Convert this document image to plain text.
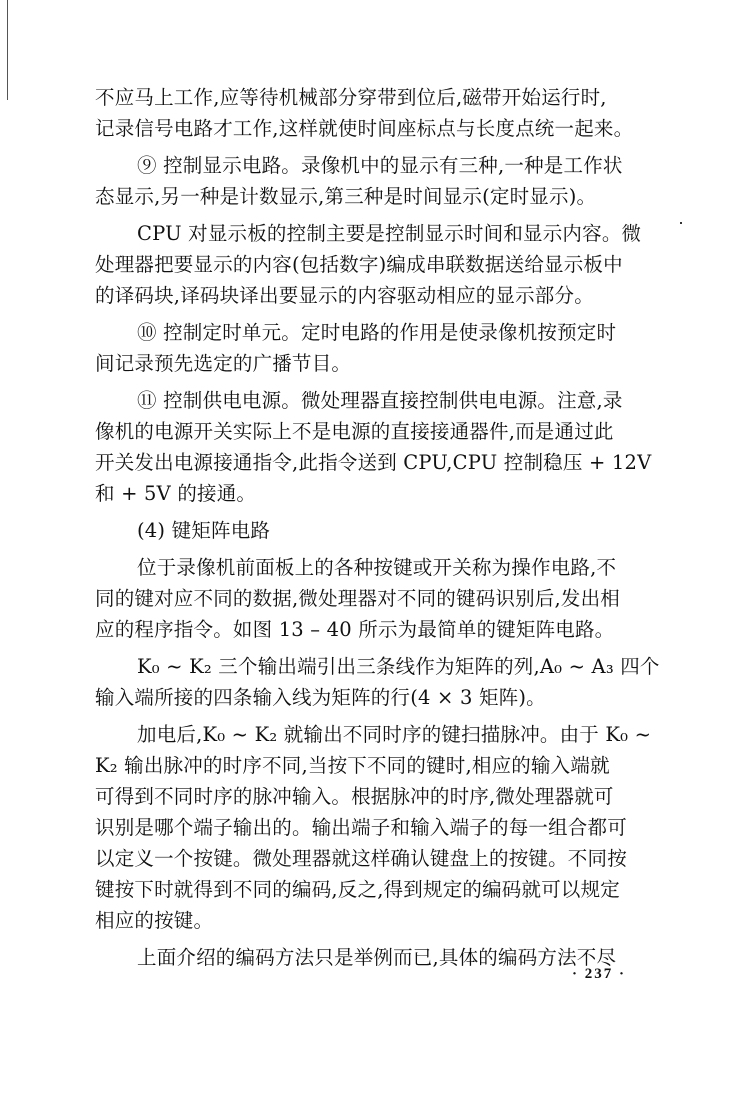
不应马上工作,应等待机械部分穿带到位后,磁带开始运行时,
记录信号电路才工作,这样就使时间座标点与长度点统一起来。
⑨ 控制显示电路。录像机中的显示有三种,一种是工作状
态显示,另一种是计数显示,第三种是时间显示(定时显示)。
CPU 对显示板的控制主要是控制显示时间和显示内容。微
处理器把要显示的内容(包括数字)编成串联数据送给显示板中
的译码块,译码块译出要显示的内容驱动相应的显示部分。
⑩ 控制定时单元。定时电路的作用是使录像机按预定时
间记录预先选定的广播节目。
⑪ 控制供电电源。微处理器直接控制供电电源。注意,录
像机的电源开关实际上不是电源的直接接通器件,而是通过此
开关发出电源接通指令,此指令送到 CPU,CPU 控制稳压 + 12V
和 + 5V 的接通。
(4) 键矩阵电路
位于录像机前面板上的各种按键或开关称为操作电路,不
同的键对应不同的数据,微处理器对不同的键码识别后,发出相
应的程序指令。如图 13 – 40 所示为最简单的键矩阵电路。
K₀ ~ K₂ 三个输出端引出三条线作为矩阵的列,A₀ ~ A₃ 四个
输入端所接的四条输入线为矩阵的行(4 × 3 矩阵)。
加电后,K₀ ~ K₂ 就输出不同时序的键扫描脉冲。由于 K₀ ~
K₂ 输出脉冲的时序不同,当按下不同的键时,相应的输入端就
可得到不同时序的脉冲输入。根据脉冲的时序,微处理器就可
识别是哪个端子输出的。输出端子和输入端子的每一组合都可
以定义一个按键。微处理器就这样确认键盘上的按键。不同按
键按下时就得到不同的编码,反之,得到规定的编码就可以规定
相应的按键。
上面介绍的编码方法只是举例而已,具体的编码方法不尽
· 237 ·
